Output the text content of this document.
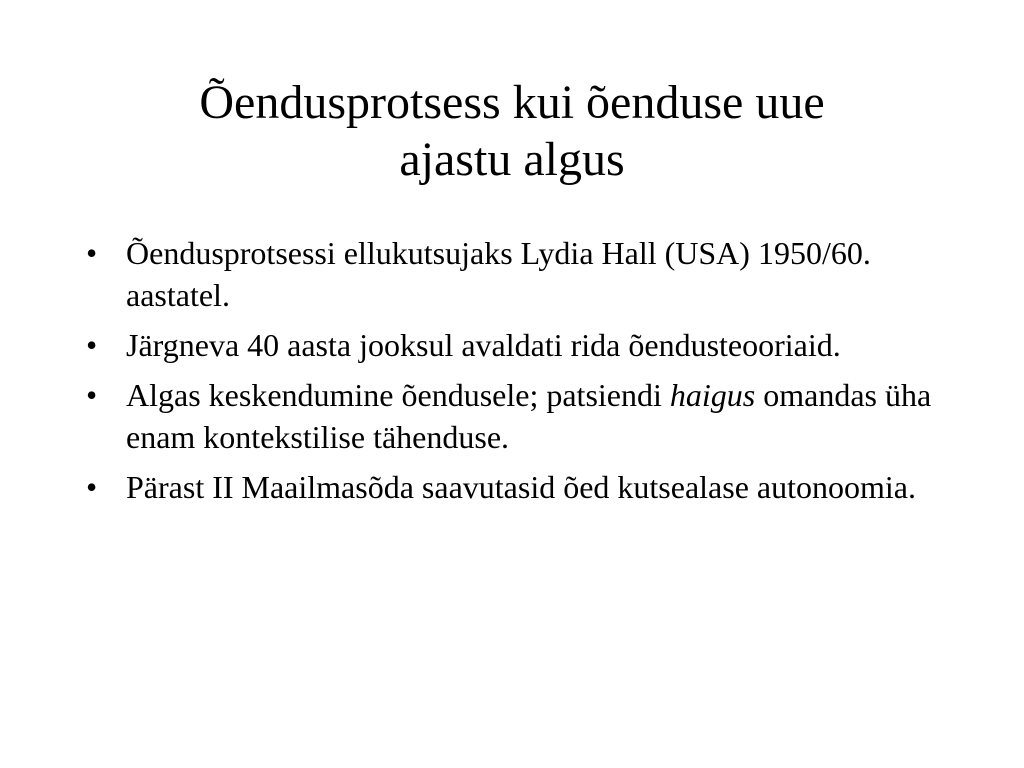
Õendusprotsess kui õenduse uue
ajastu algus
• Õendusprotsessi ellukutsujaks Lydia Hall (USA) 1950/60. aastatel.
• Järgneva 40 aasta jooksul avaldati rida õendusteooriaid.
• Algas keskendumine õendusele; patsiendi haigus omandas üha enam kontekstilise tähenduse.
• Pärast II Maailmasõda saavutasid õed kutsealase autonoomia.
